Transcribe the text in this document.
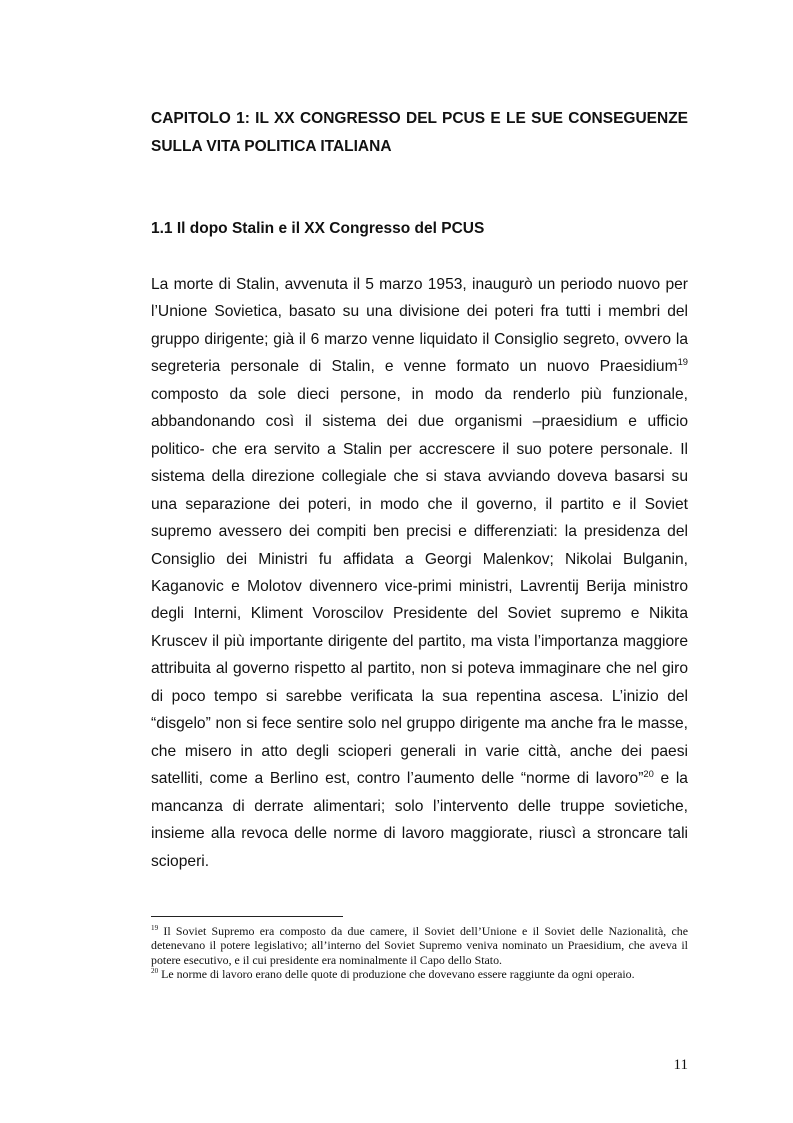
CAPITOLO 1: IL XX CONGRESSO DEL PCUS E LE SUE CONSEGUENZE SULLA VITA POLITICA ITALIANA
1.1 Il dopo Stalin e il XX Congresso del PCUS

La morte di Stalin, avvenuta il 5 marzo 1953, inaugurò un periodo nuovo per l’Unione Sovietica, basato su una divisione dei poteri fra tutti i membri del gruppo dirigente; già il 6 marzo venne liquidato il Consiglio segreto, ovvero la segreteria personale di Stalin, e venne formato un nuovo Praesidium$^{19}$ composto da sole dieci persone, in modo da renderlo più funzionale, abbandonando così il sistema dei due organismi –praesidium e ufficio politico- che era servito a Stalin per accrescere il suo potere personale. Il sistema della direzione collegiale che si stava avviando doveva basarsi su una separazione dei poteri, in modo che il governo, il partito e il Soviet supremo avessero dei compiti ben precisi e differenziati: la presidenza del Consiglio dei Ministri fu affidata a Georgi Malenkov; Nikolai Bulganin, Kaganovic e Molotov divennero vice-primi ministri, Lavrentij Berija ministro degli Interni, Kliment Voroscilov Presidente del Soviet supremo e Nikita Kruscev il più importante dirigente del partito, ma vista l’importanza maggiore attribuita al governo rispetto al partito, non si poteva immaginare che nel giro di poco tempo si sarebbe verificata la sua repentina ascesa. L’inizio del “disgelo” non si fece sentire solo nel gruppo dirigente ma anche fra le masse, che misero in atto degli scioperi generali in varie città, anche dei paesi satelliti, come a Berlino est, contro l’aumento delle “norme di lavoro”$^{20}$ e la mancanza di derrate alimentari; solo l’intervento delle truppe sovietiche, insieme alla revoca delle norme di lavoro maggiorate, riuscì a stroncare tali scioperi.

$^{19}$ Il Soviet Supremo era composto da due camere, il Soviet dell’Unione e il Soviet delle Nazionalità, che detenevano il potere legislativo; all’interno del Soviet Supremo veniva nominato un Praesidium, che aveva il potere esecutivo, e il cui presidente era nominalmente il Capo dello Stato.

$^{20}$ Le norme di lavoro erano delle quote di produzione che dovevano essere raggiunte da ogni operaio.

11
